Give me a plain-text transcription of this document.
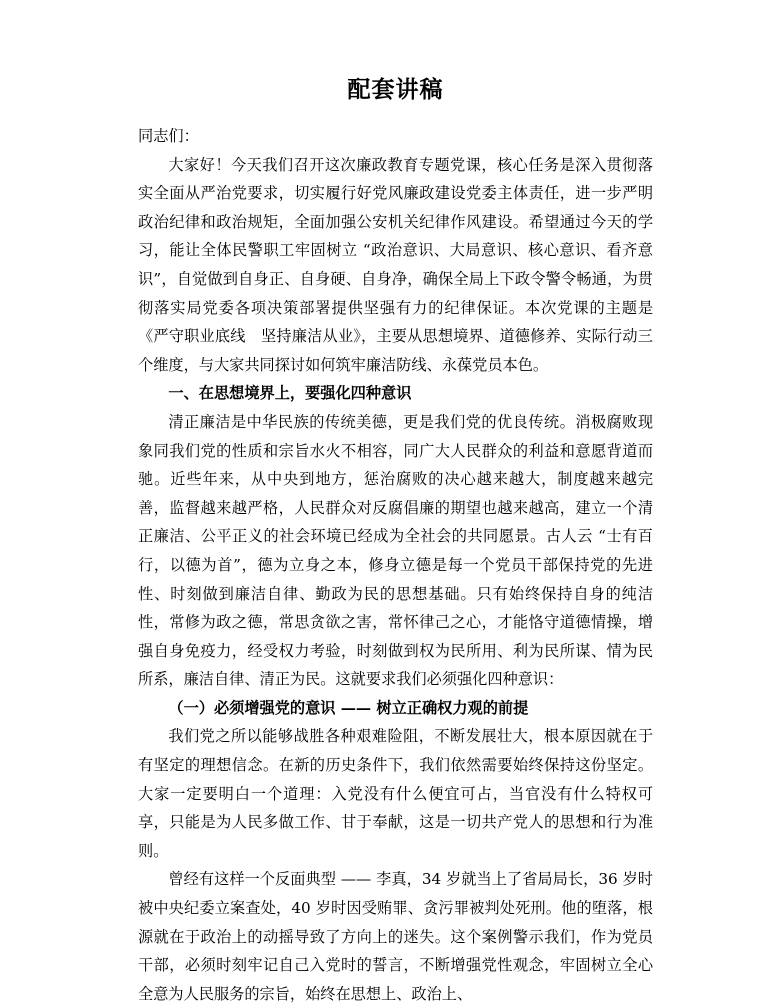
配套讲稿

同志们：

大家好！今天我们召开这次廉政教育专题党课，核心任务是深入贯彻落实全面从严治党要求，切实履行好党风廉政建设党委主体责任，进一步严明政治纪律和政治规矩，全面加强公安机关纪律作风建设。希望通过今天的学习，能让全体民警职工牢固树立 “政治意识、大局意识、核心意识、看齐意识”，自觉做到自身正、自身硬、自身净，确保全局上下政令警令畅通，为贯彻落实局党委各项决策部署提供坚强有力的纪律保证。本次党课的主题是《严守职业底线　坚持廉洁从业》，主要从思想境界、道德修养、实际行动三个维度，与大家共同探讨如何筑牢廉洁防线、永葆党员本色。

一、在思想境界上，要强化四种意识

清正廉洁是中华民族的传统美德，更是我们党的优良传统。消极腐败现象同我们党的性质和宗旨水火不相容，同广大人民群众的利益和意愿背道而驰。近些年来，从中央到地方，惩治腐败的决心越来越大，制度越来越完善，监督越来越严格，人民群众对反腐倡廉的期望也越来越高，建立一个清正廉洁、公平正义的社会环境已经成为全社会的共同愿景。古人云 “士有百行，以德为首”，德为立身之本，修身立德是每一个党员干部保持党的先进性、时刻做到廉洁自律、勤政为民的思想基础。只有始终保持自身的纯洁性，常修为政之德，常思贪欲之害，常怀律己之心，才能恪守道德情操，增强自身免疫力，经受权力考验，时刻做到权为民所用、利为民所谋、情为民所系，廉洁自律、清正为民。这就要求我们必须强化四种意识：

（一）必须增强党的意识 —— 树立正确权力观的前提

我们党之所以能够战胜各种艰难险阻，不断发展壮大，根本原因就在于有坚定的理想信念。在新的历史条件下，我们依然需要始终保持这份坚定。大家一定要明白一个道理：入党没有什么便宜可占，当官没有什么特权可享，只能是为人民多做工作、甘于奉献，这是一切共产党人的思想和行为准则。

曾经有这样一个反面典型 —— 李真，34 岁就当上了省局局长，36 岁时被中央纪委立案查处，40 岁时因受贿罪、贪污罪被判处死刑。他的堕落，根源就在于政治上的动摇导致了方向上的迷失。这个案例警示我们，作为党员干部，必须时刻牢记自己入党时的誓言，不断增强党性观念，牢固树立全心全意为人民服务的宗旨，始终在思想上、政治上、
